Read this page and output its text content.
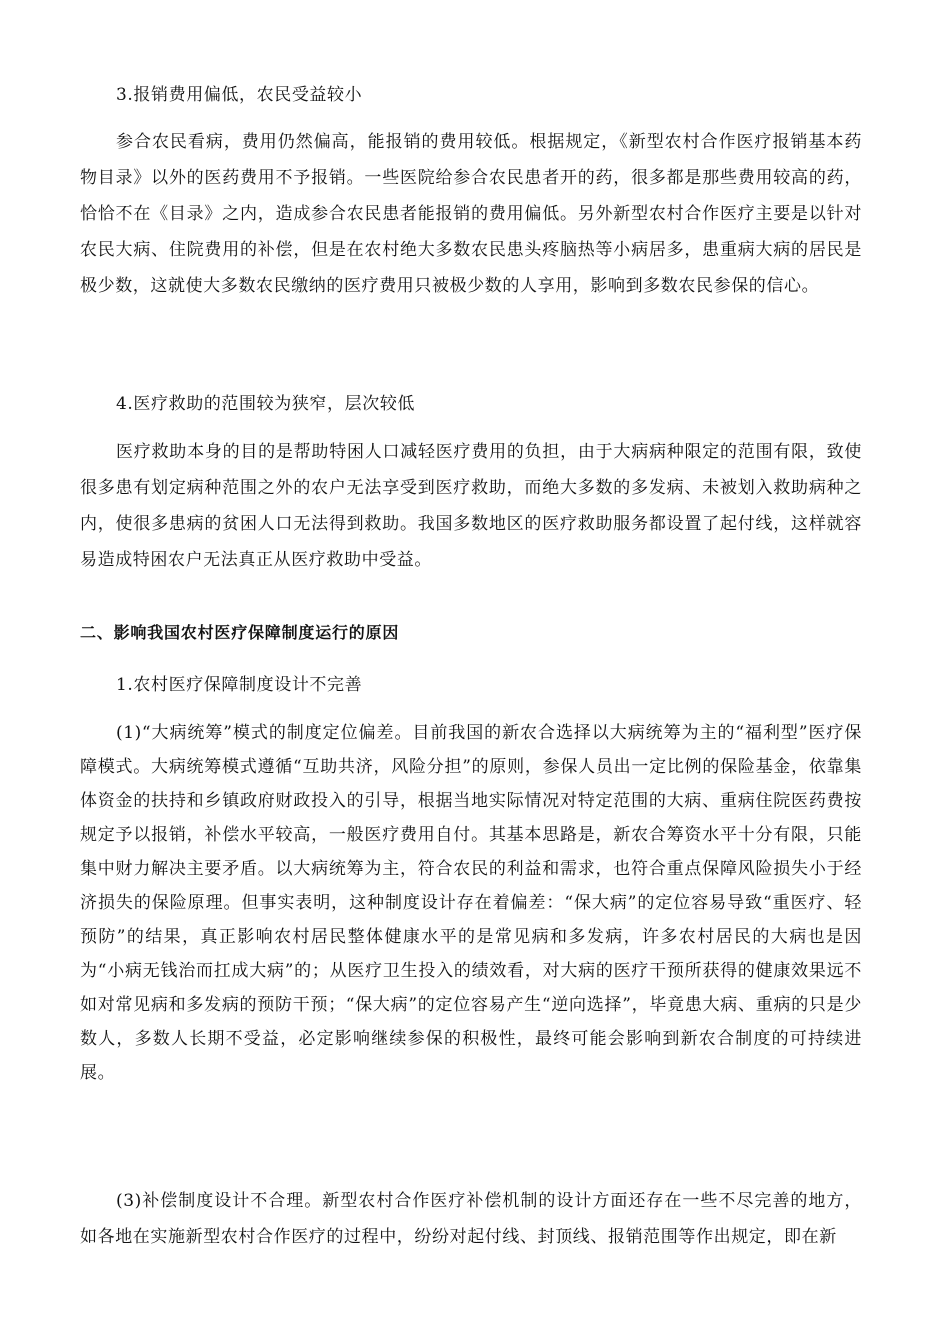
3.报销费用偏低，农民受益较小

参合农民看病，费用仍然偏高，能报销的费用较低。根据规定，《新型农村合作医疗报销基本药物目录》以外的医药费用不予报销。一些医院给参合农民患者开的药，很多都是那些费用较高的药，恰恰不在《目录》之内，造成参合农民患者能报销的费用偏低。另外新型农村合作医疗主要是以针对农民大病、住院费用的补偿，但是在农村绝大多数农民患头疼脑热等小病居多，患重病大病的居民是极少数，这就使大多数农民缴纳的医疗费用只被极少数的人享用，影响到多数农民参保的信心。

4.医疗救助的范围较为狭窄，层次较低

医疗救助本身的目的是帮助特困人口减轻医疗费用的负担，由于大病病种限定的范围有限，致使很多患有划定病种范围之外的农户无法享受到医疗救助，而绝大多数的多发病、未被划入救助病种之内，使很多患病的贫困人口无法得到救助。我国多数地区的医疗救助服务都设置了起付线，这样就容易造成特困农户无法真正从医疗救助中受益。

二、影响我国农村医疗保障制度运行的原因

1.农村医疗保障制度设计不完善

(1)“大病统筹”模式的制度定位偏差。目前我国的新农合选择以大病统筹为主的“福利型”医疗保障模式。大病统筹模式遵循“互助共济，风险分担”的原则，参保人员出一定比例的保险基金，依靠集体资金的扶持和乡镇政府财政投入的引导，根据当地实际情况对特定范围的大病、重病住院医药费按规定予以报销，补偿水平较高，一般医疗费用自付。其基本思路是，新农合筹资水平十分有限，只能集中财力解决主要矛盾。以大病统筹为主，符合农民的利益和需求，也符合重点保障风险损失小于经济损失的保险原理。但事实表明，这种制度设计存在着偏差：“保大病”的定位容易导致“重医疗、轻预防”的结果，真正影响农村居民整体健康水平的是常见病和多发病，许多农村居民的大病也是因为“小病无钱治而扛成大病”的；从医疗卫生投入的绩效看，对大病的医疗干预所获得的健康效果远不如对常见病和多发病的预防干预；“保大病”的定位容易产生“逆向选择”，毕竟患大病、重病的只是少数人，多数人长期不受益，必定影响继续参保的积极性，最终可能会影响到新农合制度的可持续进展。

(3)补偿制度设计不合理。新型农村合作医疗补偿机制的设计方面还存在一些不尽完善的地方，如各地在实施新型农村合作医疗的过程中，纷纷对起付线、封顶线、报销范围等作出规定，即在新
